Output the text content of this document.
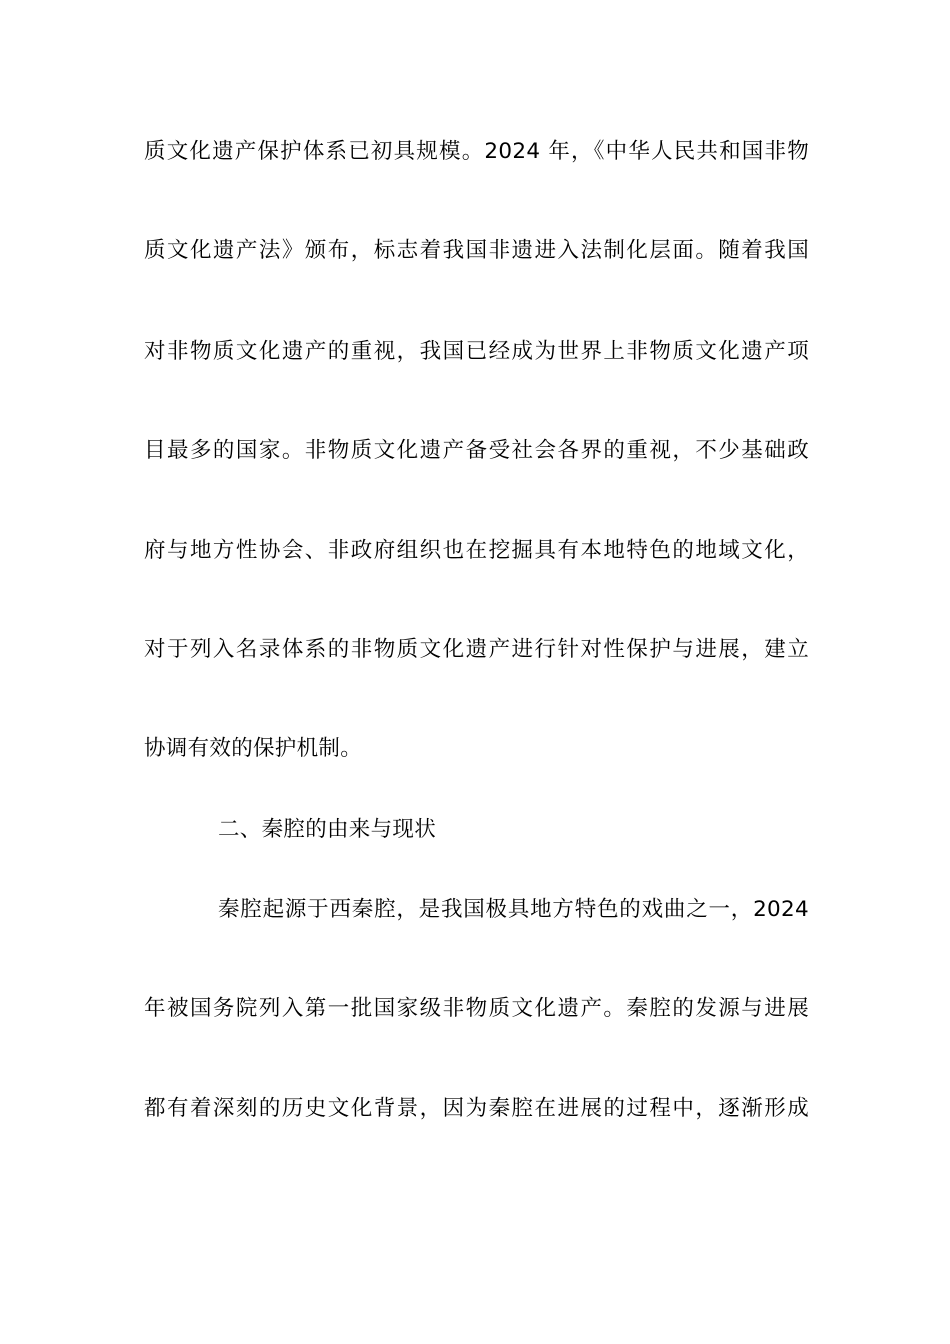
质文化遗产保护体系已初具规模。2024 年，《中华人民共和国非物
质文化遗产法》颁布，标志着我国非遗进入法制化层面。随着我国
对非物质文化遗产的重视，我国已经成为世界上非物质文化遗产项
目最多的国家。非物质文化遗产备受社会各界的重视，不少基础政
府与地方性协会、非政府组织也在挖掘具有本地特色的地域文化，
对于列入名录体系的非物质文化遗产进行针对性保护与进展，建立
协调有效的保护机制。
二、秦腔的由来与现状
秦腔起源于西秦腔，是我国极具地方特色的戏曲之一，2024
年被国务院列入第一批国家级非物质文化遗产。秦腔的发源与进展
都有着深刻的历史文化背景，因为秦腔在进展的过程中，逐渐形成
